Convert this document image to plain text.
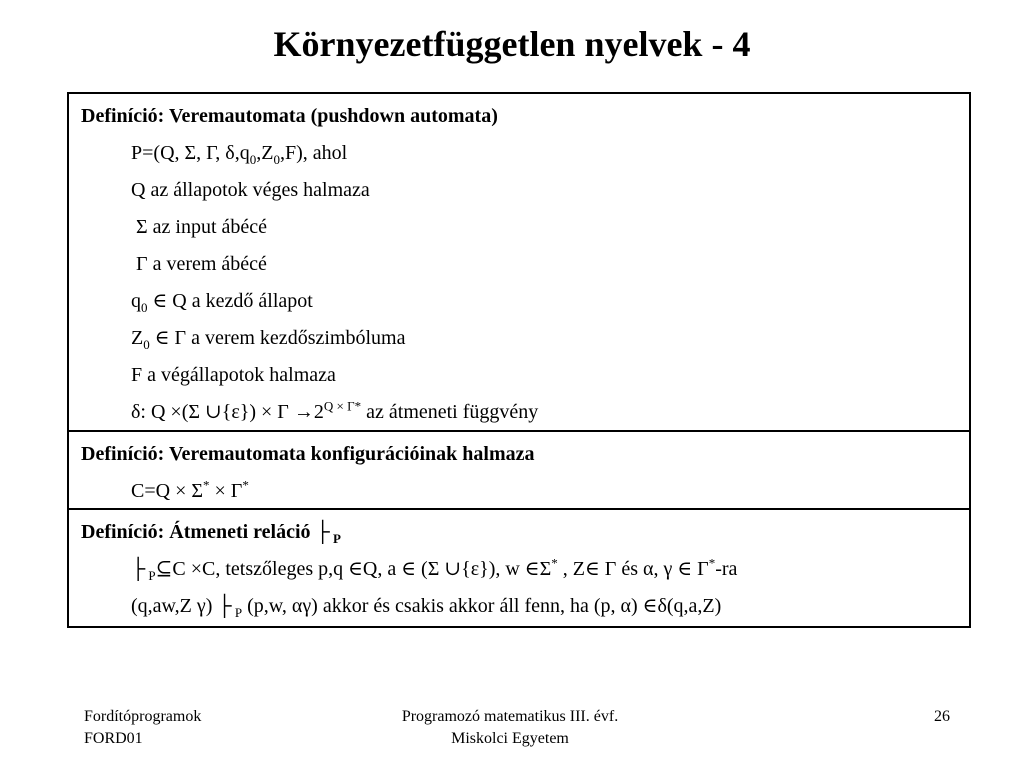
Környezetfüggetlen nyelvek - 4
Definíció: Veremautomata (pushdown automata)
P=(Q, Σ, Γ, $\delta,q_0,Z_0,F$), ahol
Q az állapotok véges halmaza
Σ az input ábécé
Γ a verem ábécé
$q_0$ ∈ Q a kezdő állapot
$Z_0$ ∈ Γ a verem kezdőszimbóluma
F a végállapotok halmaza
δ: Q ×(Σ ∪{ε}) × $\Gamma \to 2^{Q \times \Gamma*}$ az átmeneti függvény
Definíció: Veremautomata konfigurációinak halmaza
C=Q × Σ* × Γ*
Definíció: Átmeneti reláció ├ $_P$
├ $_P$⊆C ×C, tetszőleges p,q ∈Q, a ∈ (Σ ∪{ε}), w ∈Σ* , Z∈ Γ és α, γ ∈ Γ*-ra
(q,aw,Z γ) ├ $_P$ (p,w, αγ) akkor és csakis akkor áll fenn, ha (p, α) ∈δ(q,a,Z)
Fordítóprogramok
FORD01
Programozó matematikus III. évf.
Miskolci Egyetem
26
